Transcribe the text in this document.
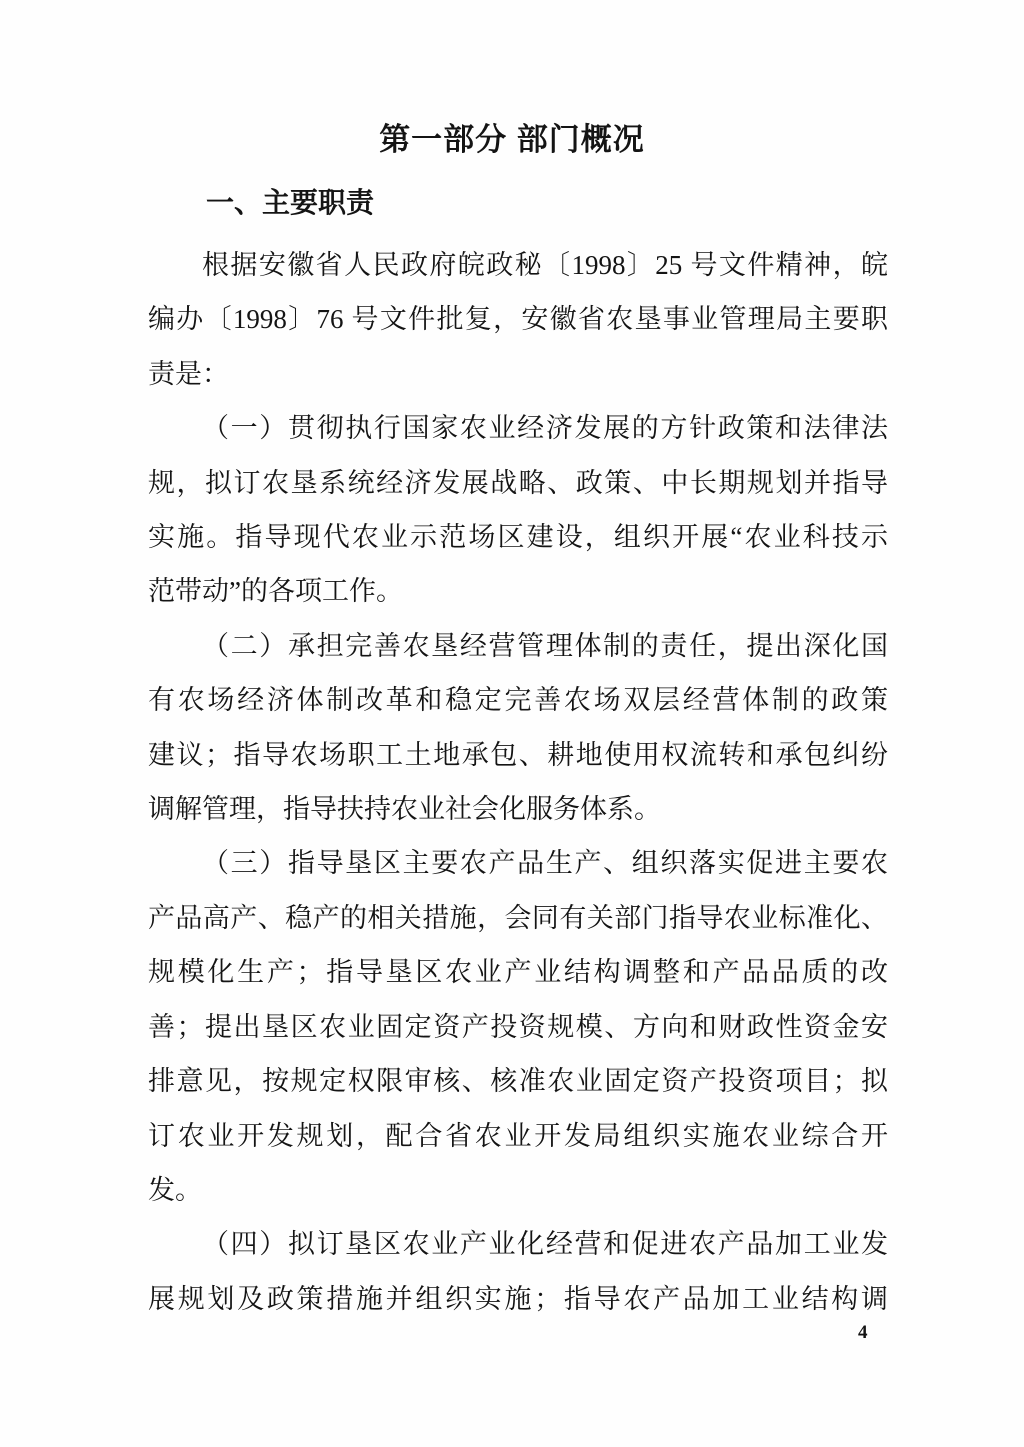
第一部分 部门概况
一、主要职责
根据安徽省人民政府皖政秘〔1998〕25 号文件精神，皖
编办〔1998〕76 号文件批复，安徽省农垦事业管理局主要职
责是：
（一）贯彻执行国家农业经济发展的方针政策和法律法
规，拟订农垦系统经济发展战略、政策、中长期规划并指导
实施。指导现代农业示范场区建设，组织开展“农业科技示
范带动”的各项工作。
（二）承担完善农垦经营管理体制的责任，提出深化国
有农场经济体制改革和稳定完善农场双层经营体制的政策
建议；指导农场职工土地承包、耕地使用权流转和承包纠纷
调解管理，指导扶持农业社会化服务体系。
（三）指导垦区主要农产品生产、组织落实促进主要农
产品高产、稳产的相关措施，会同有关部门指导农业标准化、
规模化生产；指导垦区农业产业结构调整和产品品质的改
善；提出垦区农业固定资产投资规模、方向和财政性资金安
排意见，按规定权限审核、核准农业固定资产投资项目；拟
订农业开发规划，配合省农业开发局组织实施农业综合开
发。
（四）拟订垦区农业产业化经营和促进农产品加工业发
展规划及政策措施并组织实施；指导农产品加工业结构调
4
